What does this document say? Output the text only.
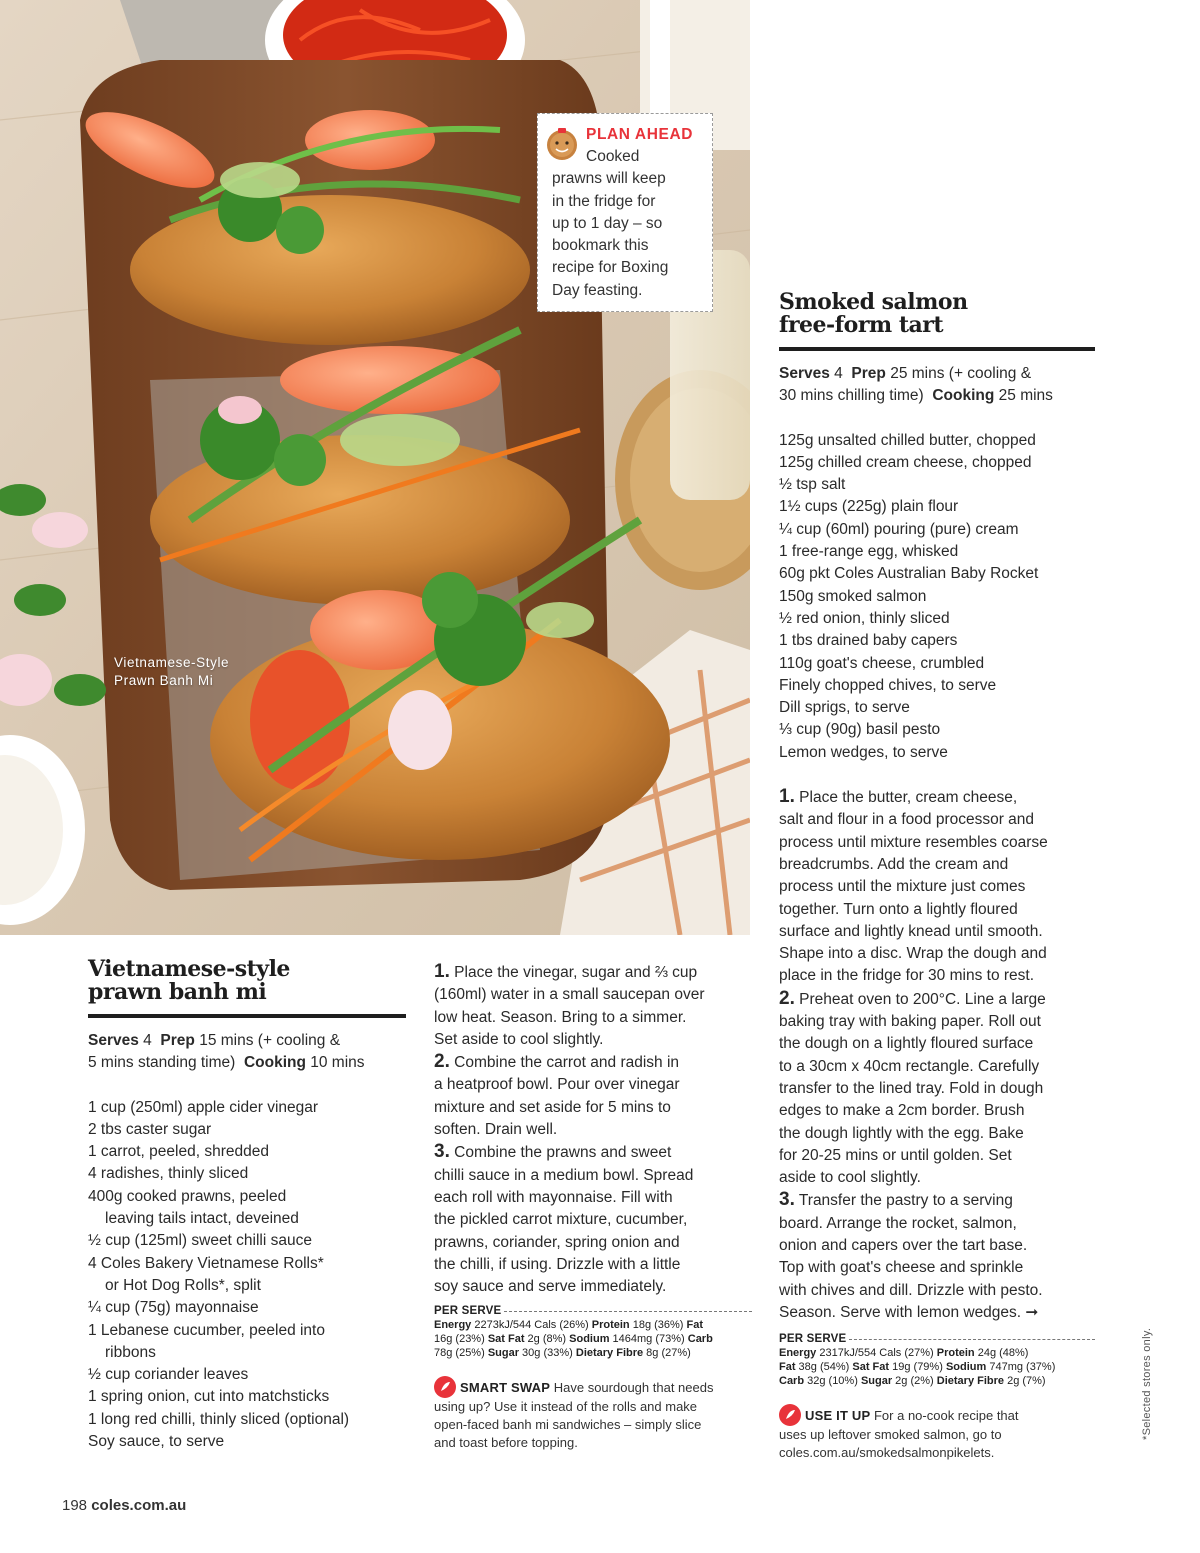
Vietnamese-Style
Prawn Banh Mi
PLAN AHEAD
Cooked
prawns will keep
in the fridge for
up to 1 day – so
bookmark this
recipe for Boxing
Day feasting.	Smoked salmon
free-form tart
Serves 4 Prep 25 mins (+ cooling &
30 mins chilling time) Cooking 25 mins
125g unsalted chilled butter, chopped
125g chilled cream cheese, chopped
½ tsp salt
1½ cups (225g) plain flour
¼ cup (60ml) pouring (pure) cream
1 free-range egg, whisked
60g pkt Coles Australian Baby Rocket
150g smoked salmon
½ red onion, thinly sliced
1 tbs drained baby capers
110g goat's cheese, crumbled
Finely chopped chives, to serve
Dill sprigs, to serve
⅓ cup (90g) basil pesto
Lemon wedges, to serve

1. Place the butter, cream cheese,
salt and flour in a food processor and
process until mixture resembles coarse
breadcrumbs. Add the cream and
process until the mixture just comes
together. Turn onto a lightly floured
surface and lightly knead until smooth.
Shape into a disc. Wrap the dough and
place in the fridge for 30 mins to rest.

2. Preheat oven to 200°C. Line a large
baking tray with baking paper. Roll out
the dough on a lightly floured surface
to a 30cm x 40cm rectangle. Carefully
transfer to the lined tray. Fold in dough
edges to make a 2cm border. Brush
the dough lightly with the egg. Bake
for 20-25 mins or until golden. Set
aside to cool slightly.

3. Transfer the pastry to a serving
board. Arrange the rocket, salmon,
onion and capers over the tart base.
Top with goat's cheese and sprinkle
with chives and dill. Drizzle with pesto.
Season. Serve with lemon wedges. ➞

PER SERVE
Energy 2317kJ/554 Cals (27%) Protein 24g (48%)
Fat 38g (54%) Sat Fat 19g (79%) Sodium 747mg (37%)
Carb 32g (10%) Sugar 2g (2%) Dietary Fibre 2g (7%)
USE IT UP For a no-cook recipe that
uses up leftover smoked salmon, go to
coles.com.au/smokedsalmonpikelets.
Vietnamese-style
prawn banh mi
Serves 4 Prep 15 mins (+ cooling &
5 mins standing time) Cooking 10 mins
1 cup (250ml) apple cider vinegar
2 tbs caster sugar
1 carrot, peeled, shredded
4 radishes, thinly sliced
400g cooked prawns, peeled
leaving tails intact, deveined
½ cup (125ml) sweet chilli sauce
4 Coles Bakery Vietnamese Rolls*
or Hot Dog Rolls*, split
¼ cup (75g) mayonnaise
1 Lebanese cucumber, peeled into
ribbons
½ cup coriander leaves
1 spring onion, cut into matchsticks
1 long red chilli, thinly sliced (optional)
Soy sauce, to serve

1. Place the vinegar, sugar and ⅔ cup
(160ml) water in a small saucepan over
low heat. Season. Bring to a simmer.
Set aside to cool slightly.

2. Combine the carrot and radish in
a heatproof bowl. Pour over vinegar
mixture and set aside for 5 mins to
soften. Drain well.

3. Combine the prawns and sweet
chilli sauce in a medium bowl. Spread
each roll with mayonnaise. Fill with
the pickled carrot mixture, cucumber,
prawns, coriander, spring onion and
the chilli, if using. Drizzle with a little
soy sauce and serve immediately.

PER SERVE
Energy 2273kJ/544 Cals (26%) Protein 18g (36%) Fat
16g (23%) Sat Fat 2g (8%) Sodium 1464mg (73%) Carb
78g (25%) Sugar 30g (33%) Dietary Fibre 8g (27%)
SMART SWAP Have sourdough that needs
using up? Use it instead of the rolls and make
open-faced banh mi sandwiches – simply slice
and toast before topping.
198 coles.com.au
*Selected stores only.
